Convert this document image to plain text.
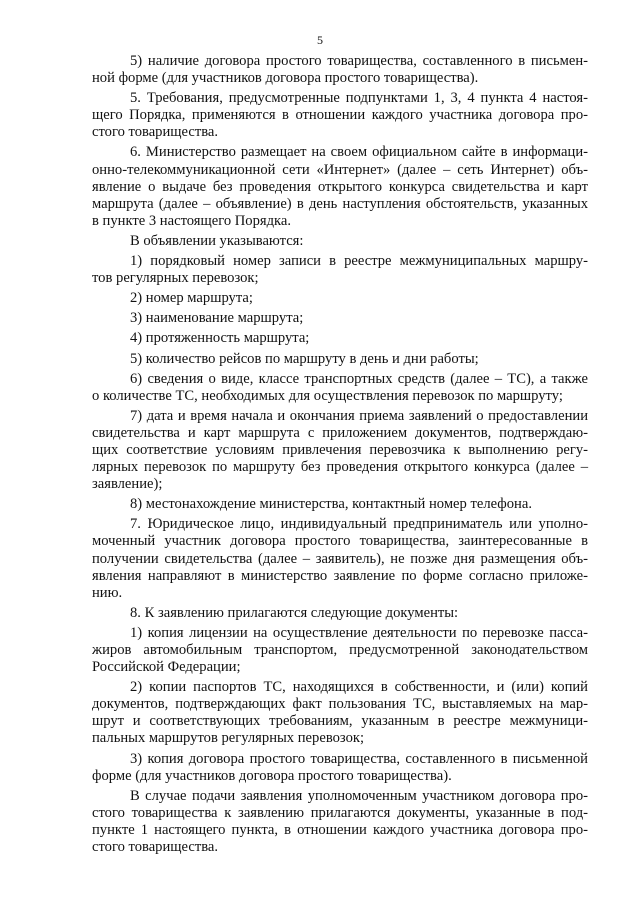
5
5) наличие договора простого товарищества, составленного в письмен-
ной форме (для участников договора простого товарищества).
5. Требования, предусмотренные подпунктами 1, 3, 4 пункта 4 настоя-
щего Порядка, применяются в отношении каждого участника договора про-
стого товарищества.
6. Министерство размещает на своем официальном сайте в информаци-
онно-телекоммуникационной сети «Интернет» (далее – сеть Интернет) объ-
явление о выдаче без проведения открытого конкурса свидетельства и карт
маршрута (далее – объявление) в день наступления обстоятельств, указанных
в пункте 3 настоящего Порядка.
В объявлении указываются:
1) порядковый номер записи в реестре межмуниципальных маршру-
тов регулярных перевозок;
2) номер маршрута;
3) наименование маршрута;
4) протяженность маршрута;
5) количество рейсов по маршруту в день и дни работы;
6) сведения о виде, классе транспортных средств (далее – ТС), а также
о количестве ТС, необходимых для осуществления перевозок по маршруту;
7) дата и время начала и окончания приема заявлений о предоставлении
свидетельства и карт маршрута с приложением документов, подтверждаю-
щих соответствие условиям привлечения перевозчика к выполнению регу-
лярных перевозок по маршруту без проведения открытого конкурса (далее –
заявление);
8) местонахождение министерства, контактный номер телефона.
7. Юридическое лицо, индивидуальный предприниматель или уполно-
моченный участник договора простого товарищества, заинтересованные в
получении свидетельства (далее – заявитель), не позже дня размещения объ-
явления направляют в министерство заявление по форме согласно приложе-
нию.
8. К заявлению прилагаются следующие документы:
1) копия лицензии на осуществление деятельности по перевозке пасса-
жиров автомобильным транспортом, предусмотренной законодательством
Российской Федерации;
2) копии паспортов ТС, находящихся в собственности, и (или) копий
документов, подтверждающих факт пользования ТС, выставляемых на мар-
шрут и соответствующих требованиям, указанным в реестре межмуници-
пальных маршрутов регулярных перевозок;
3) копия договора простого товарищества, составленного в письменной
форме (для участников договора простого товарищества).
В случае подачи заявления уполномоченным участником договора про-
стого товарищества к заявлению прилагаются документы, указанные в под-
пункте 1 настоящего пункта, в отношении каждого участника договора про-
стого товарищества.
